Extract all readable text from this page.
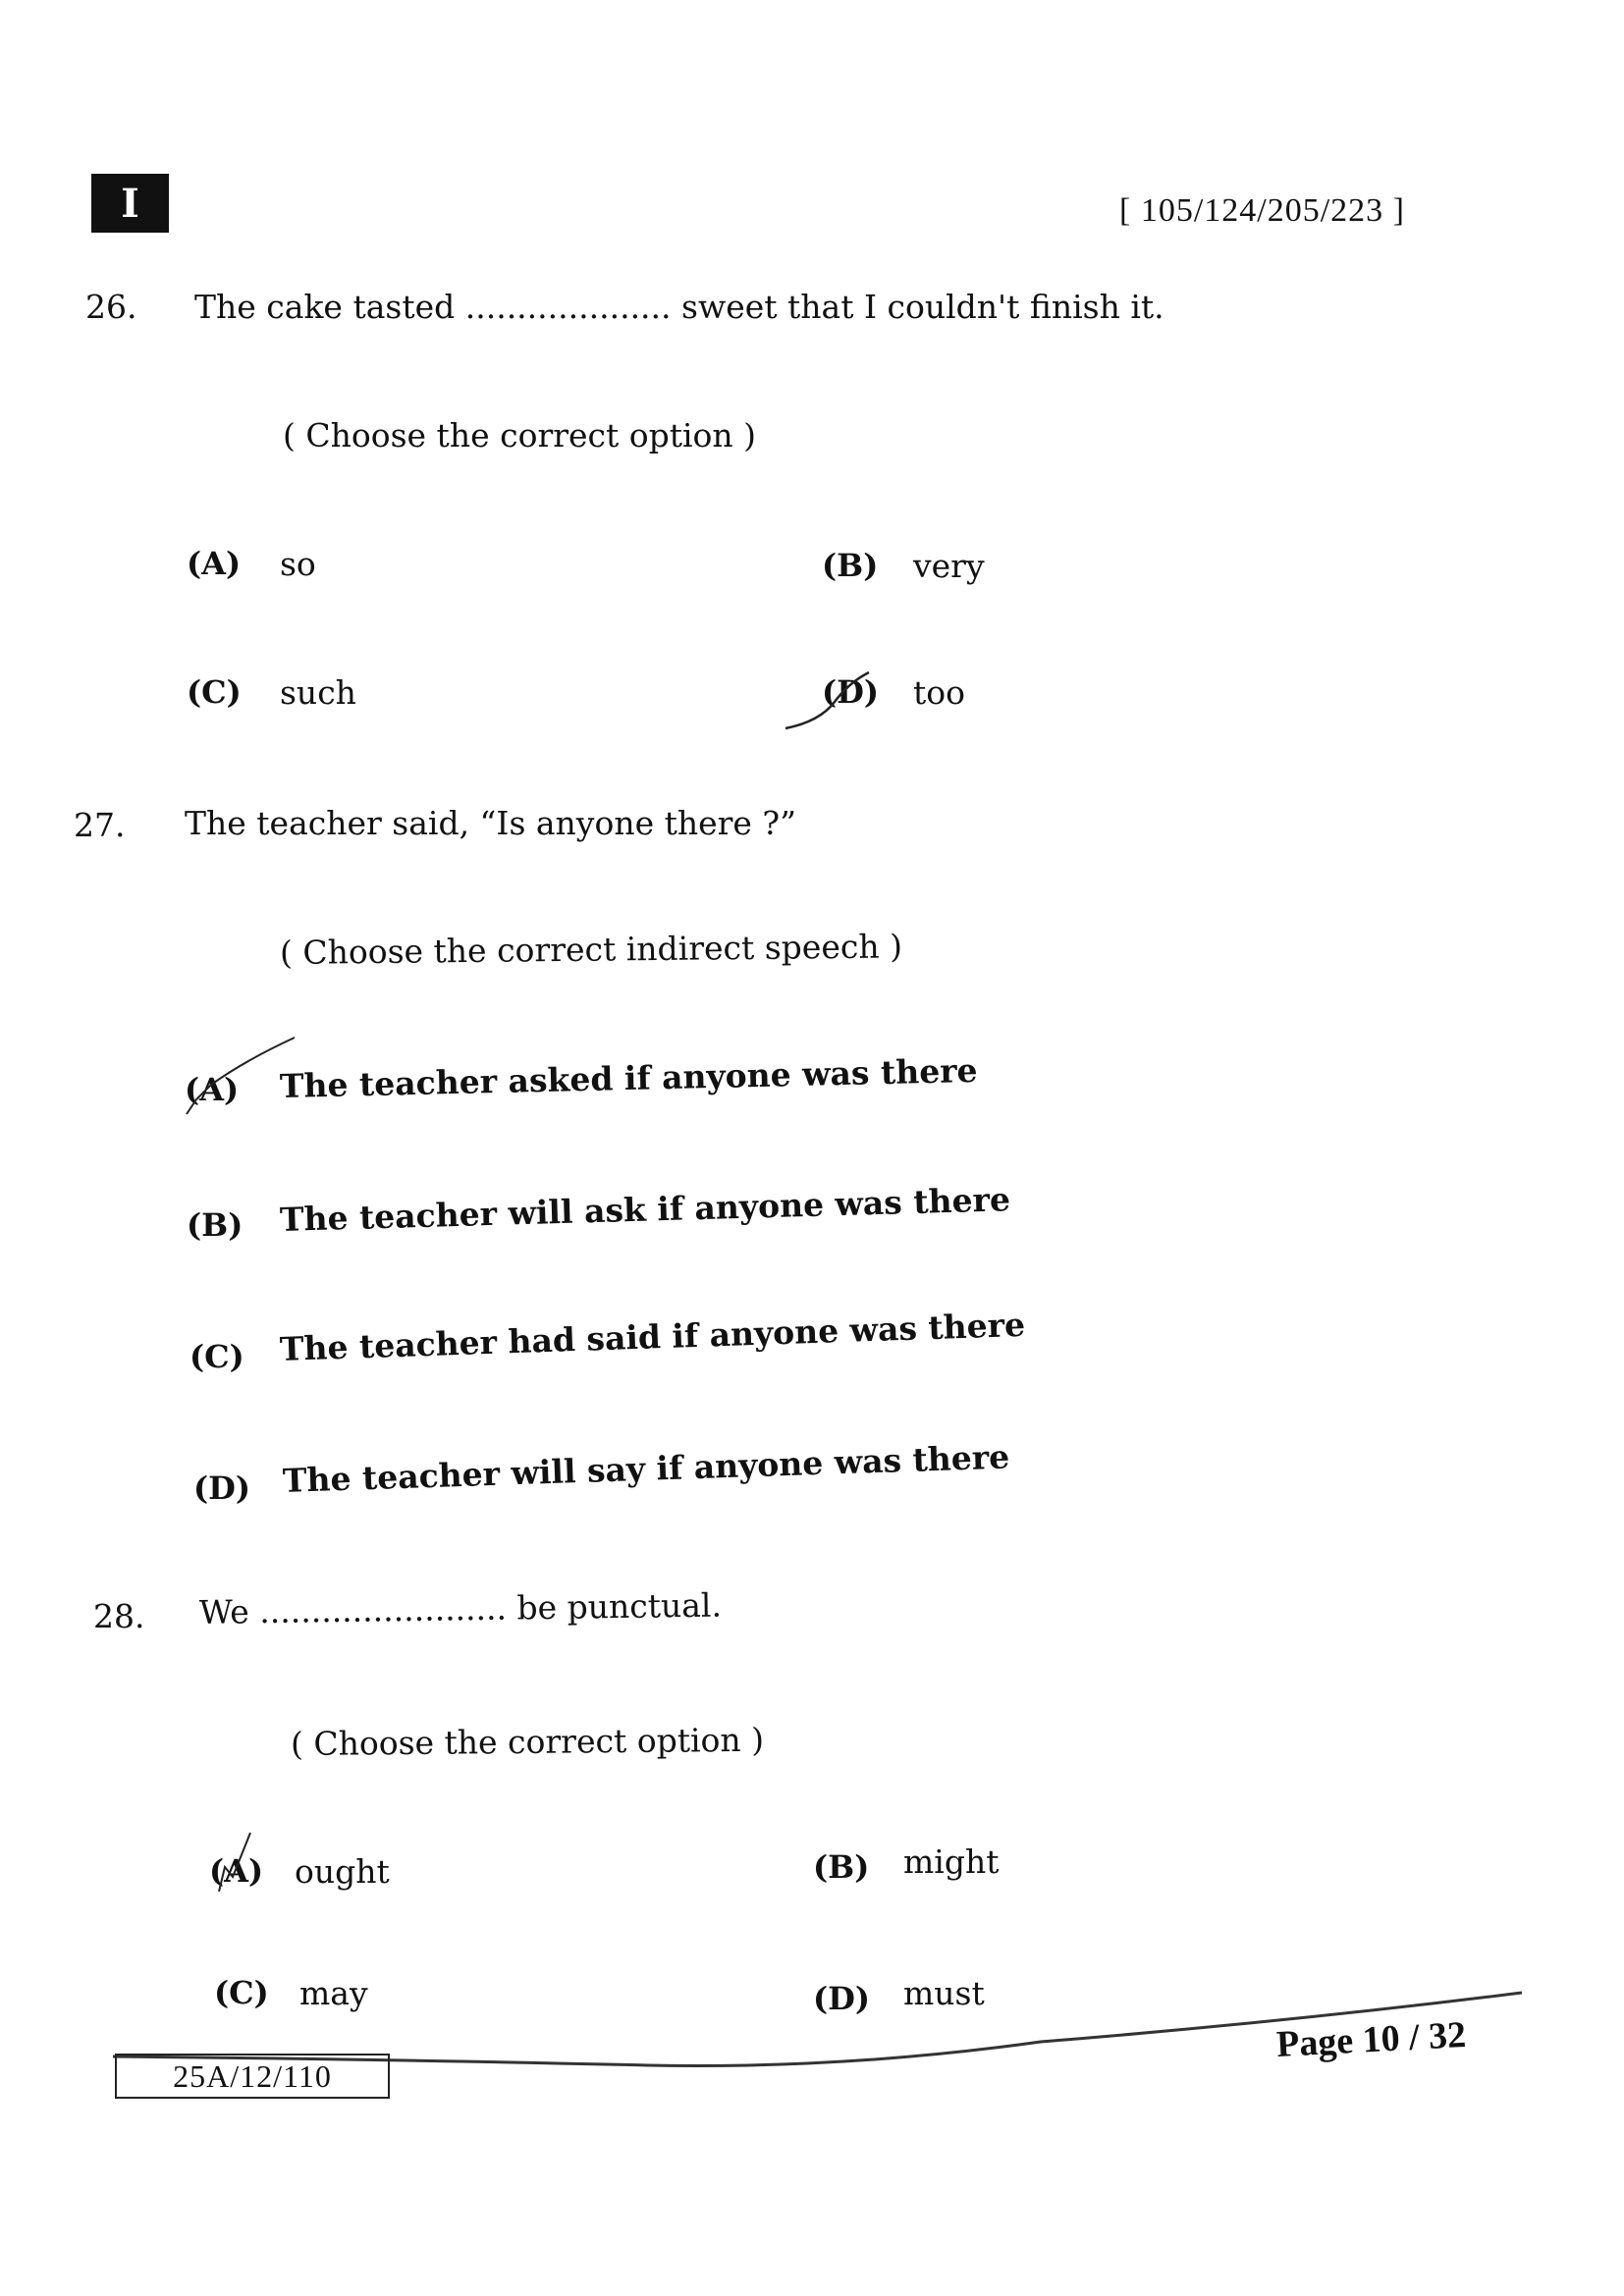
I	[ 105/124/205/223 ]
26. The cake tasted .................... sweet that I couldn't finish it.
( Choose the correct option )
(A) so	(B) very
(C) such	(D) too
27. The teacher said, “Is anyone there ?”
( Choose the correct indirect speech )
(A) The teacher asked if anyone was there
(B) The teacher will ask if anyone was there
(C) The teacher had said if anyone was there
(D) The teacher will say if anyone was there
28. We ........................ be punctual.
( Choose the correct option )
(A) ought	(B) might
(C) may	(D) must
25A/12/110
Page 10 / 32
